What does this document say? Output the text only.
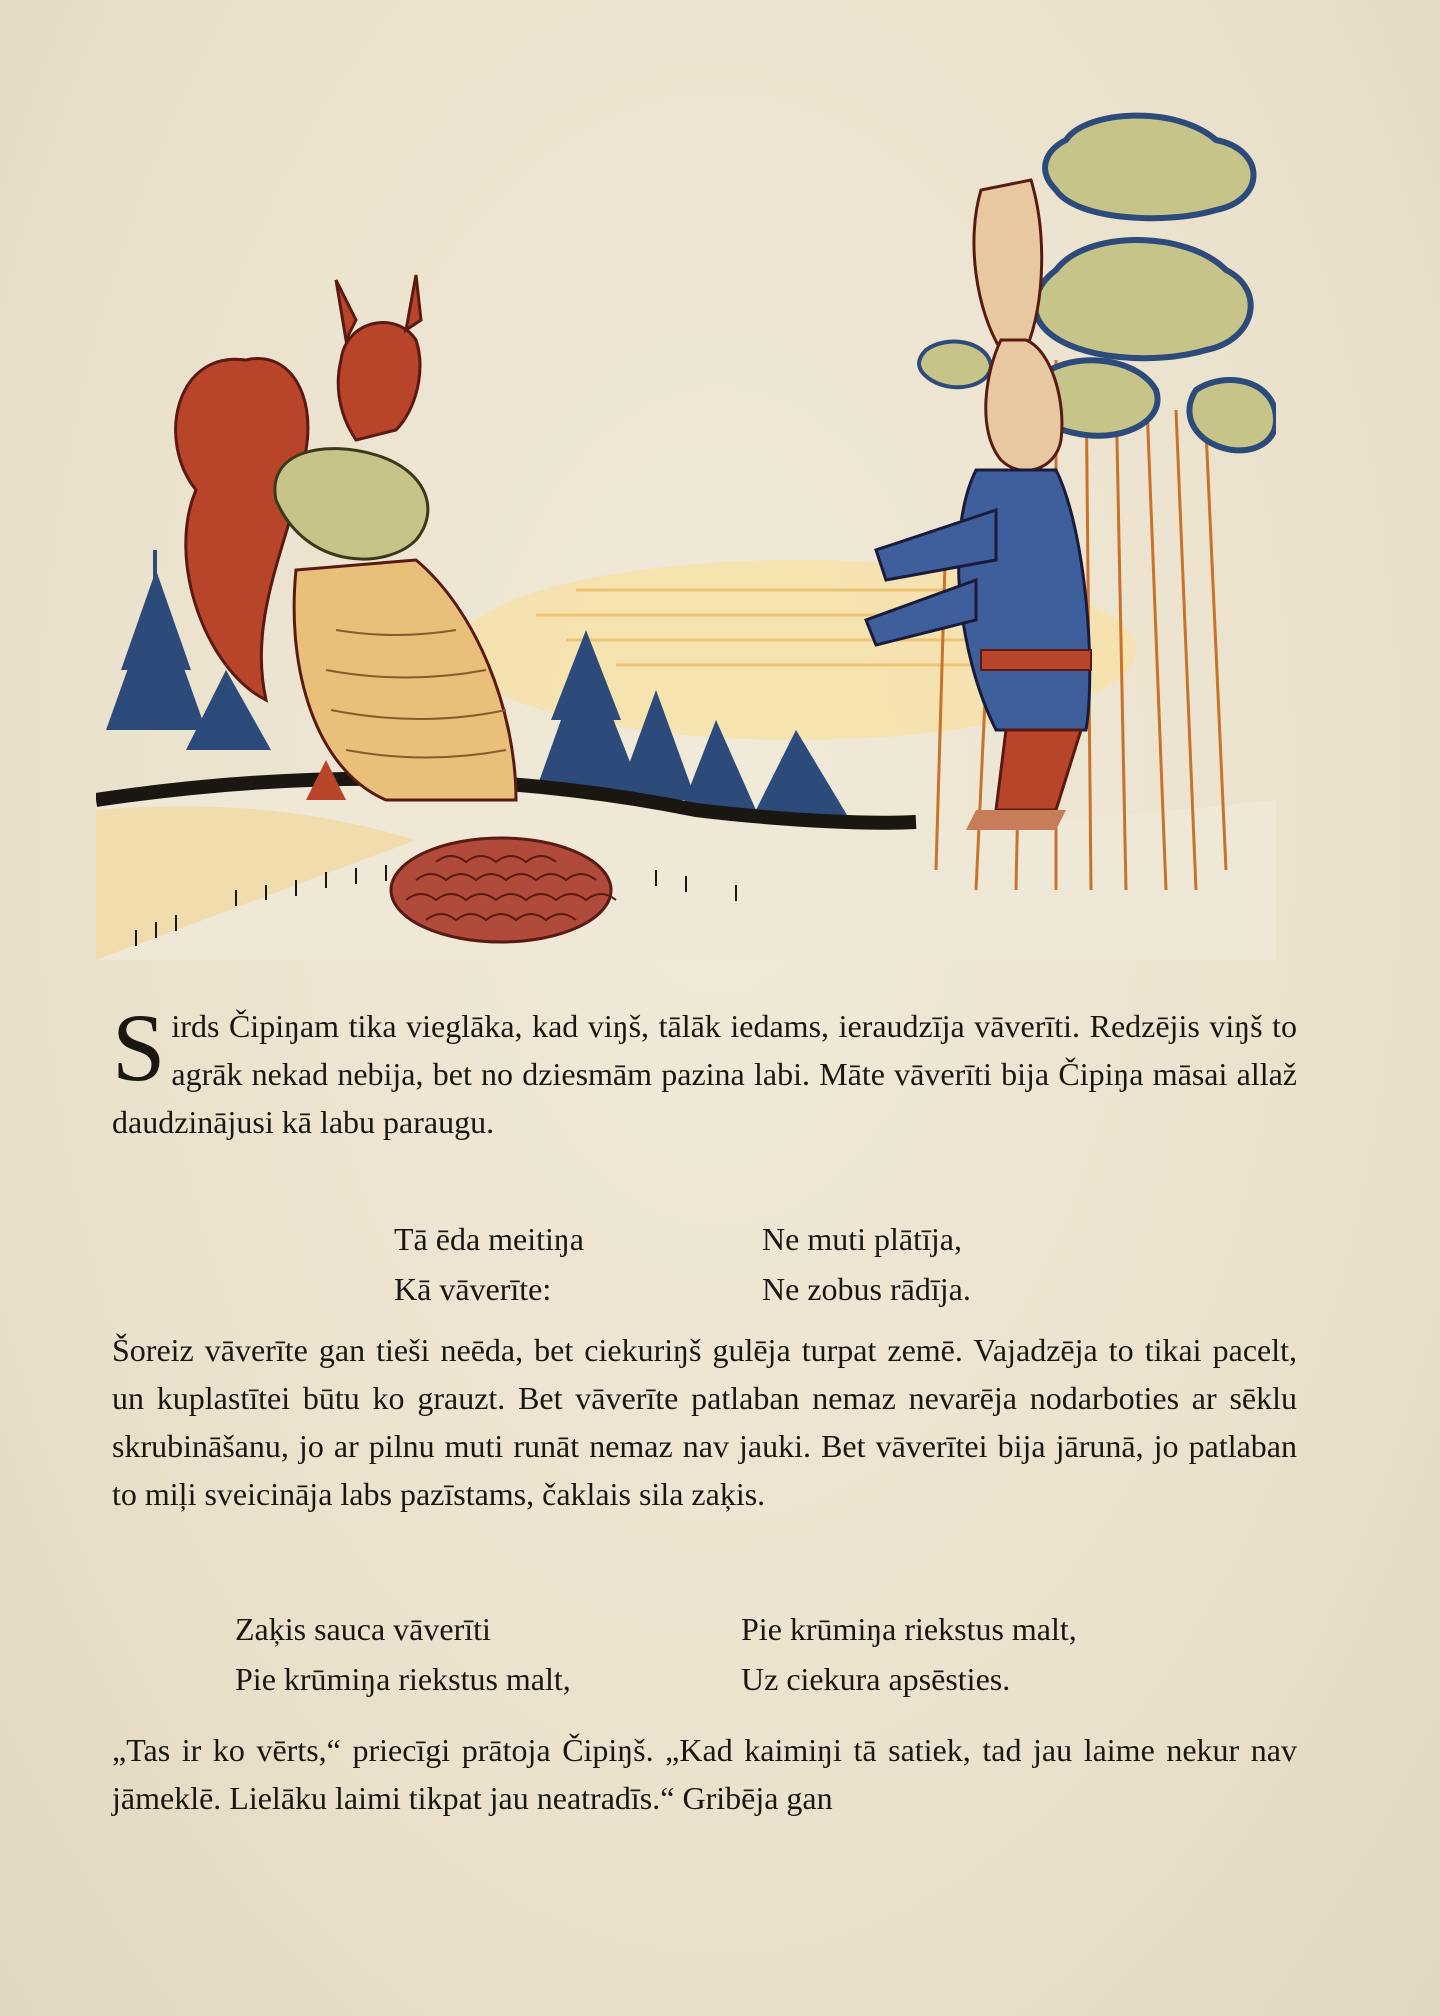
Sirds Čipiŋam tika vieglāka, kad viŋš, tālāk iedams, ieraudzīja vāverīti. Redzējis viŋš to agrāk nekad nebija, bet no dziesmām pazina labi. Māte vāverīti bija Čipiŋa māsai allaž daudzinājusi kā labu paraugu.
Tā ēda meitiŋa
Kā vāverīte:
Ne muti plātīja,
Ne zobus rādīja.
Šoreiz vāverīte gan tieši neēda, bet ciekuriŋš gulēja turpat zemē. Vajadzēja to tikai pacelt, un kuplastītei būtu ko grauzt. Bet vāverīte patlaban nemaz nevarēja nodarboties ar sēklu skrubināšanu, jo ar pilnu muti runāt nemaz nav jauki. Bet vāverītei bija jārunā, jo patlaban to miļi sveicināja labs pazīstams, čaklais sila zaķis.
Zaķis sauca vāverīti
Pie krūmiŋa riekstus malt,
Pie krūmiŋa riekstus malt,
Uz ciekura apsēsties.
„Tas ir ko vērts,“ priecīgi prātoja Čipiŋš. „Kad kaimiŋi tā satiek, tad jau laime nekur nav jāmeklē. Lielāku laimi tikpat jau neatradīs.“ Gribēja gan
